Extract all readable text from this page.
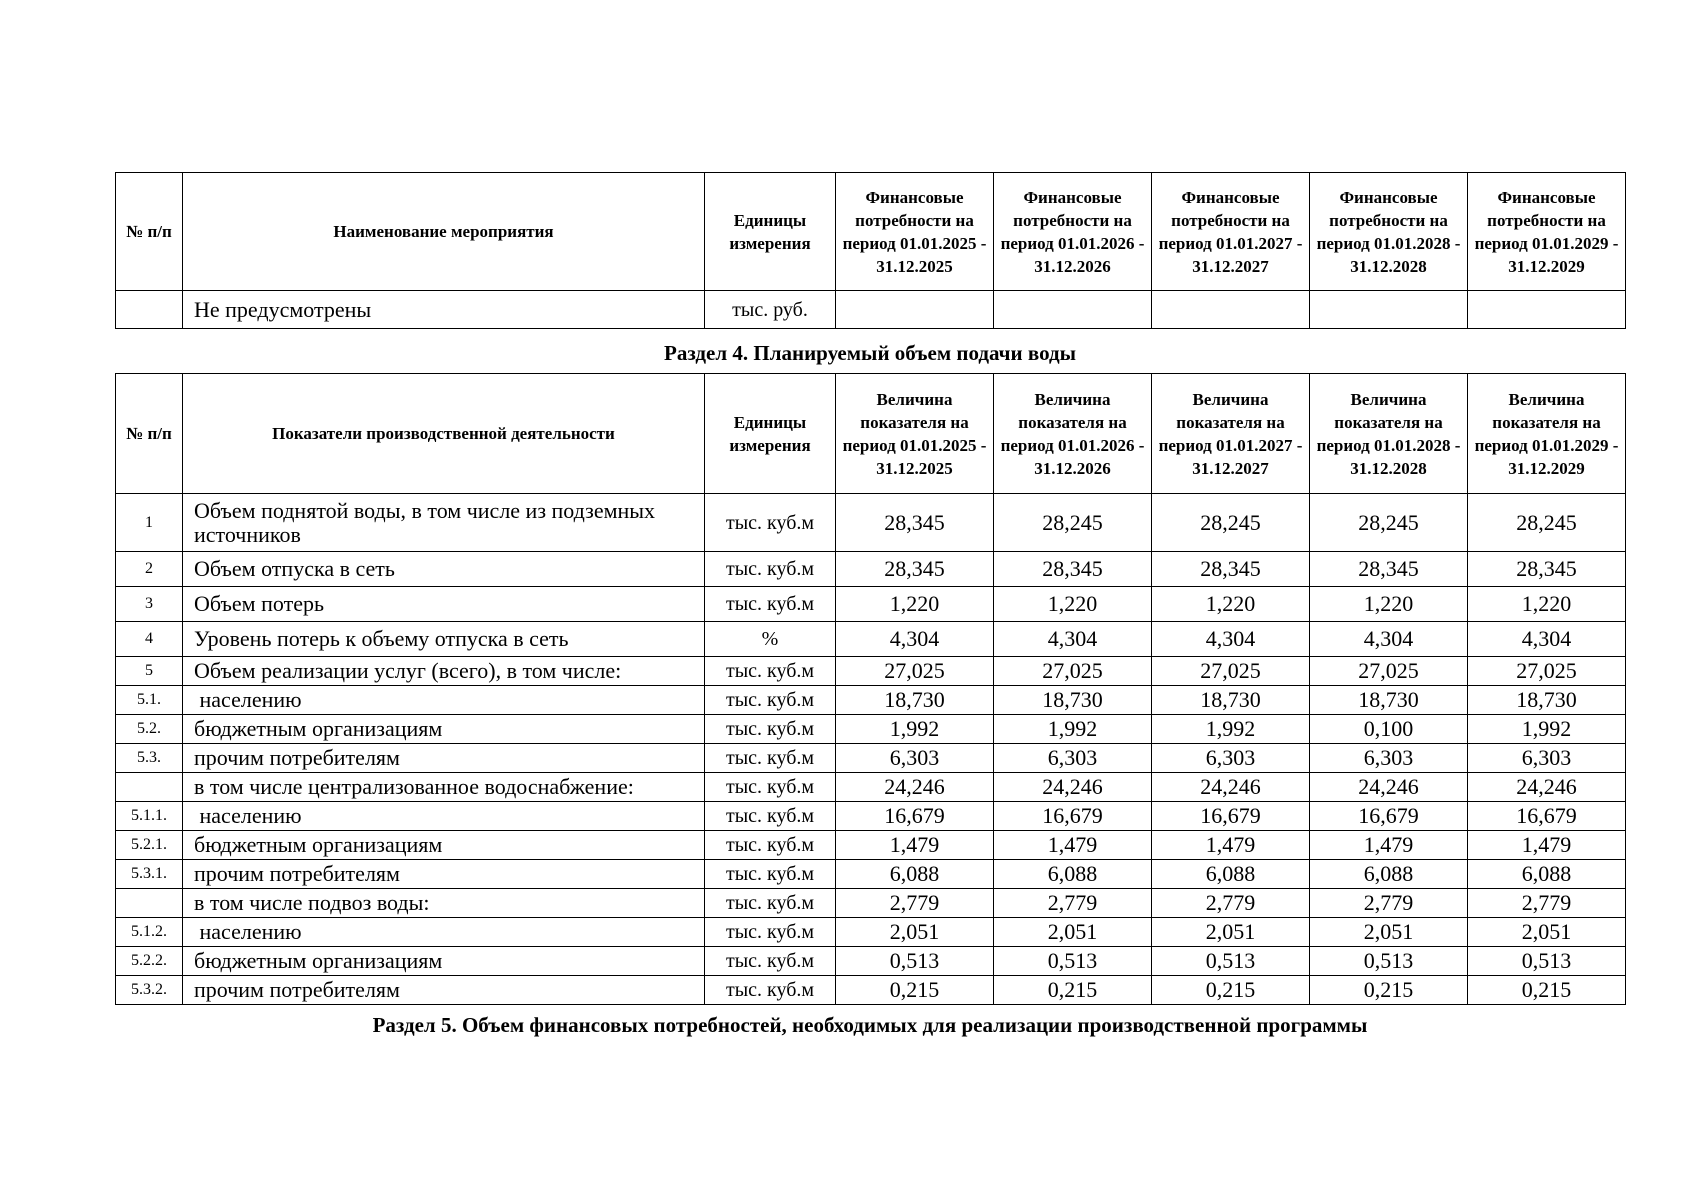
№ п/п	Наименование мероприятия	Единицы измерения	Финансовые потребности на период 01.01.2025 - 31.12.2025	Финансовые потребности на период 01.01.2026 - 31.12.2026	Финансовые потребности на период 01.01.2027 - 31.12.2027	Финансовые потребности на период 01.01.2028 - 31.12.2028	Финансовые потребности на период 01.01.2029 - 31.12.2029
	Не предусмотрены	тыс. руб.					
Раздел 4. Планируемый объем подачи воды
№ п/п	Показатели производственной деятельности	Единицы измерения	Величина показателя на период 01.01.2025 - 31.12.2025	Величина показателя на период 01.01.2026 - 31.12.2026	Величина показателя на период 01.01.2027 - 31.12.2027	Величина показателя на период 01.01.2028 - 31.12.2028	Величина показателя на период 01.01.2029 - 31.12.2029
1	Объем поднятой воды, в том числе из подземных источников	тыс. куб.м	28,345	28,245	28,245	28,245	28,245
2	Объем отпуска в сеть	тыс. куб.м	28,345	28,345	28,345	28,345	28,345
3	Объем потерь	тыс. куб.м	1,220	1,220	1,220	1,220	1,220
4	Уровень потерь к объему отпуска в сеть	%	4,304	4,304	4,304	4,304	4,304
5	Объем реализации услуг (всего), в том числе:	тыс. куб.м	27,025	27,025	27,025	27,025	27,025
5.1.	населению	тыс. куб.м	18,730	18,730	18,730	18,730	18,730
5.2.	бюджетным организациям	тыс. куб.м	1,992	1,992	1,992	0,100	1,992
5.3.	прочим потребителям	тыс. куб.м	6,303	6,303	6,303	6,303	6,303
	в том числе централизованное водоснабжение:	тыс. куб.м	24,246	24,246	24,246	24,246	24,246
5.1.1.	населению	тыс. куб.м	16,679	16,679	16,679	16,679	16,679
5.2.1.	бюджетным организациям	тыс. куб.м	1,479	1,479	1,479	1,479	1,479
5.3.1.	прочим потребителям	тыс. куб.м	6,088	6,088	6,088	6,088	6,088
	в том числе подвоз воды:	тыс. куб.м	2,779	2,779	2,779	2,779	2,779
5.1.2.	населению	тыс. куб.м	2,051	2,051	2,051	2,051	2,051
5.2.2.	бюджетным организациям	тыс. куб.м	0,513	0,513	0,513	0,513	0,513
5.3.2.	прочим потребителям	тыс. куб.м	0,215	0,215	0,215	0,215	0,215
Раздел 5. Объем финансовых потребностей, необходимых для реализации производственной программы
